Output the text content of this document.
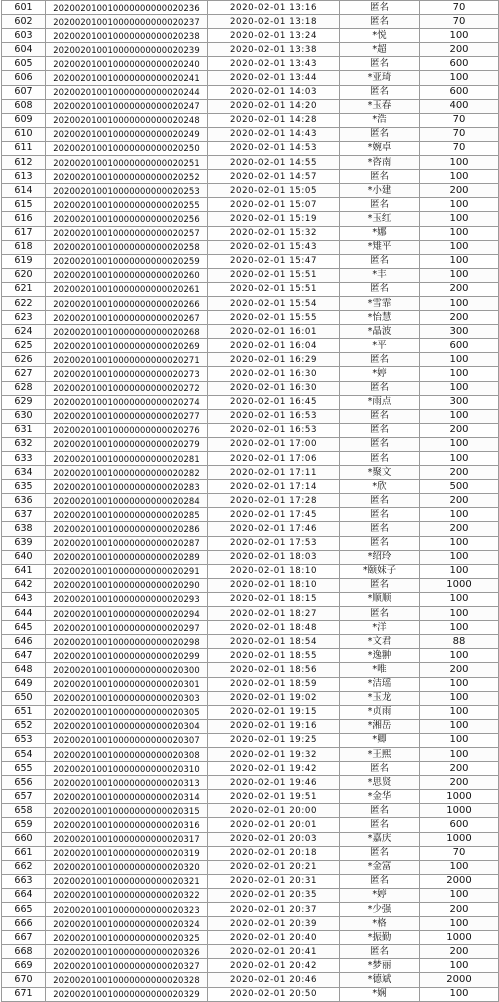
601	202002010010000000000020236	2020-02-01 13:16	匿名	70
602	202002010010000000000020237	2020-02-01 13:18	匿名	70
603	202002010010000000000020238	2020-02-01 13:24	*悦	100
604	202002010010000000000020239	2020-02-01 13:38	*超	200
605	202002010010000000000020240	2020-02-01 13:43	匿名	600
606	202002010010000000000020241	2020-02-01 13:44	*亚琦	100
607	202002010010000000000020244	2020-02-01 14:03	匿名	600
608	202002010010000000000020247	2020-02-01 14:20	*玉春	400
609	202002010010000000000020248	2020-02-01 14:28	*浩	70
610	202002010010000000000020249	2020-02-01 14:43	匿名	70
611	202002010010000000000020250	2020-02-01 14:53	*婉卓	70
612	202002010010000000000020251	2020-02-01 14:55	*咨南	100
613	202002010010000000000020252	2020-02-01 14:57	匿名	100
614	202002010010000000000020253	2020-02-01 15:05	*小建	200
615	202002010010000000000020255	2020-02-01 15:07	匿名	100
616	202002010010000000000020256	2020-02-01 15:19	*玉红	100
617	202002010010000000000020257	2020-02-01 15:32	*娜	100
618	202002010010000000000020258	2020-02-01 15:43	*雉平	100
619	202002010010000000000020259	2020-02-01 15:47	匿名	100
620	202002010010000000000020260	2020-02-01 15:51	*丰	100
621	202002010010000000000020261	2020-02-01 15:51	匿名	200
622	202002010010000000000020266	2020-02-01 15:54	*雪霏	100
623	202002010010000000000020267	2020-02-01 15:55	*怡慧	200
624	202002010010000000000020268	2020-02-01 16:01	*晶波	300
625	202002010010000000000020269	2020-02-01 16:04	*平	600
626	202002010010000000000020271	2020-02-01 16:29	匿名	100
627	202002010010000000000020273	2020-02-01 16:30	*婷	100
628	202002010010000000000020272	2020-02-01 16:30	匿名	100
629	202002010010000000000020274	2020-02-01 16:45	*雨点	300
630	202002010010000000000020277	2020-02-01 16:53	匿名	100
631	202002010010000000000020276	2020-02-01 16:53	匿名	200
632	202002010010000000000020279	2020-02-01 17:00	匿名	100
633	202002010010000000000020281	2020-02-01 17:06	匿名	100
634	202002010010000000000020282	2020-02-01 17:11	*聚文	200
635	202002010010000000000020283	2020-02-01 17:14	*欣	500
636	202002010010000000000020284	2020-02-01 17:28	匿名	200
637	202002010010000000000020285	2020-02-01 17:45	匿名	100
638	202002010010000000000020286	2020-02-01 17:46	匿名	200
639	202002010010000000000020287	2020-02-01 17:53	匿名	100
640	202002010010000000000020289	2020-02-01 18:03	*绍玲	100
641	202002010010000000000020291	2020-02-01 18:10	*颐妹子	100
642	202002010010000000000020290	2020-02-01 18:10	匿名	1000
643	202002010010000000000020293	2020-02-01 18:15	*顺顺	100
644	202002010010000000000020294	2020-02-01 18:27	匿名	100
645	202002010010000000000020297	2020-02-01 18:48	*洋	100
646	202002010010000000000020298	2020-02-01 18:54	*文君	88
647	202002010010000000000020299	2020-02-01 18:55	*逸翀	100
648	202002010010000000000020300	2020-02-01 18:56	*唯	200
649	202002010010000000000020301	2020-02-01 18:59	*洁瑶	100
650	202002010010000000000020303	2020-02-01 19:02	*玉龙	100
651	202002010010000000000020305	2020-02-01 19:15	*贞雨	100
652	202002010010000000000020304	2020-02-01 19:16	*湘岳	100
653	202002010010000000000020307	2020-02-01 19:25	*卿	100
654	202002010010000000000020308	2020-02-01 19:32	*王熙	100
655	202002010010000000000020310	2020-02-01 19:42	匿名	200
656	202002010010000000000020313	2020-02-01 19:46	*思贤	200
657	202002010010000000000020314	2020-02-01 19:51	*金华	1000
658	202002010010000000000020315	2020-02-01 20:00	匿名	1000
659	202002010010000000000020316	2020-02-01 20:01	匿名	600
660	202002010010000000000020317	2020-02-01 20:03	*嘉庆	1000
661	202002010010000000000020319	2020-02-01 20:18	匿名	70
662	202002010010000000000020320	2020-02-01 20:21	*金富	100
663	202002010010000000000020321	2020-02-01 20:31	匿名	2000
664	202002010010000000000020322	2020-02-01 20:35	*婷	100
665	202002010010000000000020323	2020-02-01 20:37	*少强	200
666	202002010010000000000020324	2020-02-01 20:39	*格	100
667	202002010010000000000020325	2020-02-01 20:40	*振勤	1000
668	202002010010000000000020326	2020-02-01 20:41	匿名	200
669	202002010010000000000020327	2020-02-01 20:42	*梦丽	100
670	202002010010000000000020328	2020-02-01 20:46	*德斌	2000
671	202002010010000000000020329	2020-02-01 20:50	*娴	100
